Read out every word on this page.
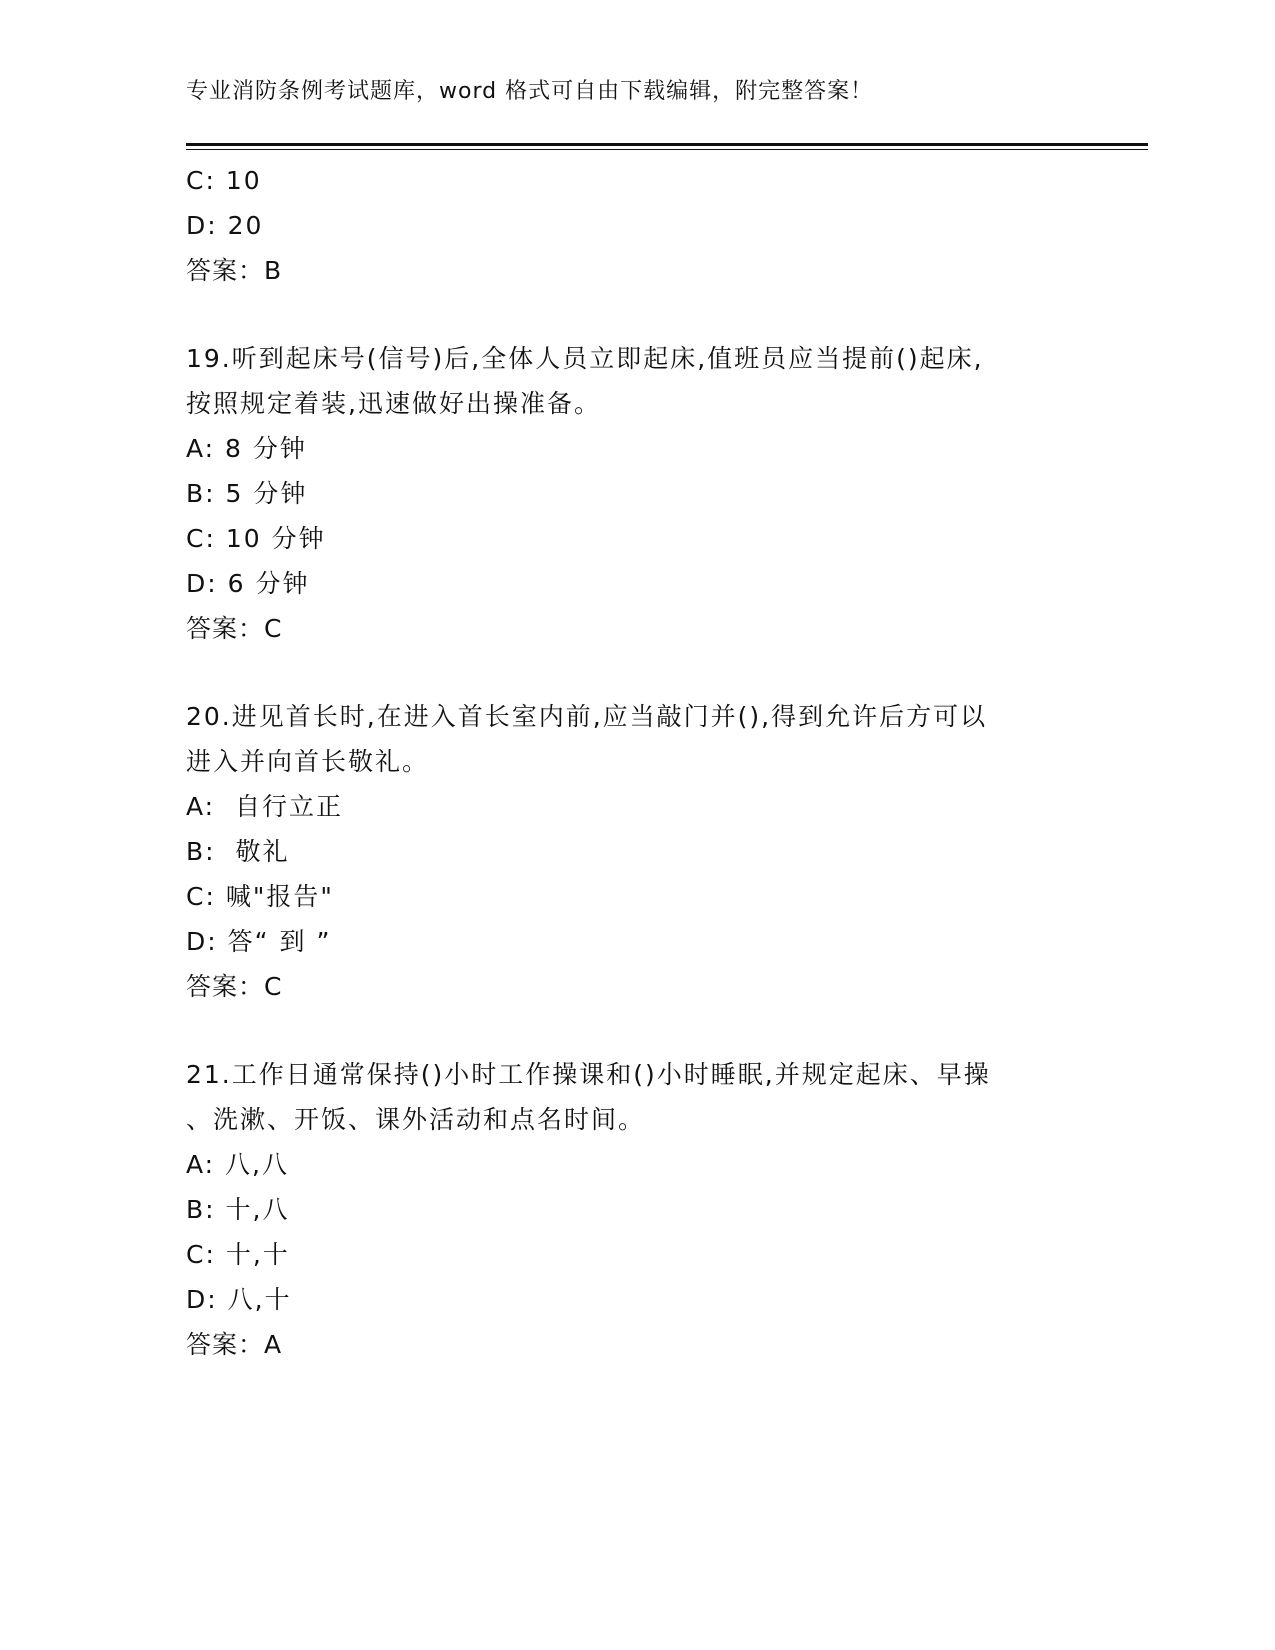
专业消防条例考试题库，word 格式可自由下载编辑，附完整答案！
C: 10
D: 20
答案：B
19.听到起床号(信号)后,全体人员立即起床,值班员应当提前()起床,
按照规定着装,迅速做好出操准备。
A: 8 分钟
B: 5 分钟
C: 10 分钟
D: 6 分钟
答案：C
20.进见首长时,在进入首长室内前,应当敲门并(),得到允许后方可以
进入并向首长敬礼。
A:  自行立正
B:  敬礼
C: 喊"报告"
D: 答“ 到 ”
答案：C
21.工作日通常保持()小时工作操课和()小时睡眠,并规定起床、早操
、洗漱、开饭、课外活动和点名时间。
A: 八,八
B: 十,八
C: 十,十
D: 八,十
答案：A
